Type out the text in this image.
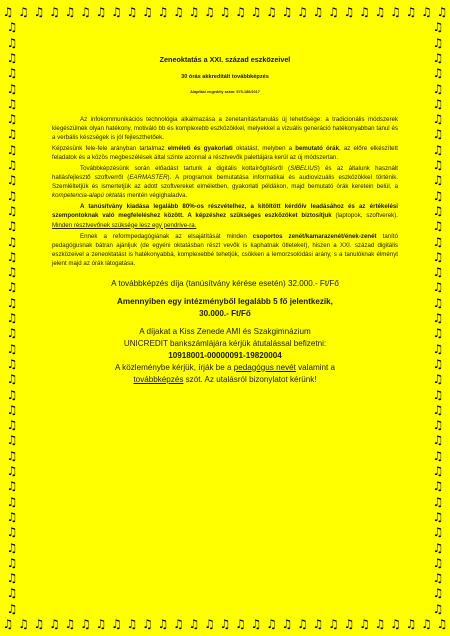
♫
♫
♫
♫
♫
♫
♫
♫
♫
♫
♫
♫
♫
♫
♫
♫
♫
♫
♫
♫
♫
♫
♫
♫
♫
♫
♫
♫
♫
♫
♫
♫
♫
♫
♫
♫
♫
♫
♫
♫
♫
♫
♫
♫
♫
♫
♫
♫
♫
♫
♫
♫
♫
♫
♫
♫
♫
♫
♫	♫
♫	♫
♫	♫
♫	♫
♫	♫
♫	♫
♫	♫
♫	♫
♫	♫
♫	♫
♫	♫
♫	♫
♫	♫
♫	♫
♫	♫
♫	♫
♫	♫
♫	♫
♫	♫
♫	♫
♫	♫
♫	♫
♫	♫
♫	♫
♫	♫
♫	♫
♫	♫
♫	♫
♫	♫
♫	♫
♫	♫
♫	♫
♫	♫
♫	♫
♫	♫
♫	♫
♫	♫
♫	♫
♫	♫
Zeneoktatás a XXI. század eszközeivel
30 órás akkreditált továbbképzés
Alapítási engedély szám: 575-186/2017

Az infokommunikációs technológia alkalmazása a zenetanítás/tanulás új lehetősége: a tradicionális módszerek kiegészülnek olyan hatékony, motiváló bb és komplexebb eszközökkel, melyekkel a vizuális generáció hatékonyabban tanul és a verbális készségek is jól fejleszthetőek.

Képzésünk fele-fele arányban tartalmaz elméleti és gyakorlati oktatást, melyben a bemutató órák, az előre elkészített feladatok és a közös megbeszélések által szinte azonnal a résztvevők palettájára kerül az új módszertan.

Továbbképzésünk során előadást tartunk a digitális kottaírőgítésről (SIBELIUS) és az általunk használt hallásfejlesztő szoftverről (EARMASTER). A programok bemutatása informatikai és audiovizuális eszközökkel történik. Szemléltetjük és ismertetjük az adott szoftvereket elméletben, gyakorlati példákon, majd bemutató órák keretein belül, a kompetencia-alapú oktatás mentén végighaladva.

A tanúsítvány kiadása legalább 80%-os részvételhez, a kitöltött kérdőív leadásához és az értékelési szempontoknak való megfeleléshez között. A képzéshez szükséges eszközöket biztosítjuk (laptopok, szoftverek). Minden résztvevőnek szüksége lesz egy pendrive-ra.

Ennek a reformpedagógiának az elsajátítását minden csoportos zenét/kamarazenét/ének-zenét tanító pedagógusnak bátran ajánljuk (de egyéni oktatásban részt vevők is kaphatnak ötleteket), hiszen a XXI. század digitális eszközeivel a zeneoktatást is hatékonyabbá, komplexebbé tehetjük, csökken a lemorzsolódási arány, s a tanulóknak élményt jelent majd az órák látogatása.

A továbbképzés díja (tanúsítvány kérése esetén) 32.000.- Ft/Fő

Amennyiben egy intézményből legalább 5 fő jelentkezik,

30.000.- Ft/Fő

A díjakat a Kiss Zenede AMI és Szakgimnázium

UNICREDIT bankszámlájára kérjük átutalással befizetni:

10918001-00000091-19820004

A közleménybe kérjük, írják be a pedagógus nevét valamint a
továbbképzés szót. Az utalásról bizonylatot kérünk!
